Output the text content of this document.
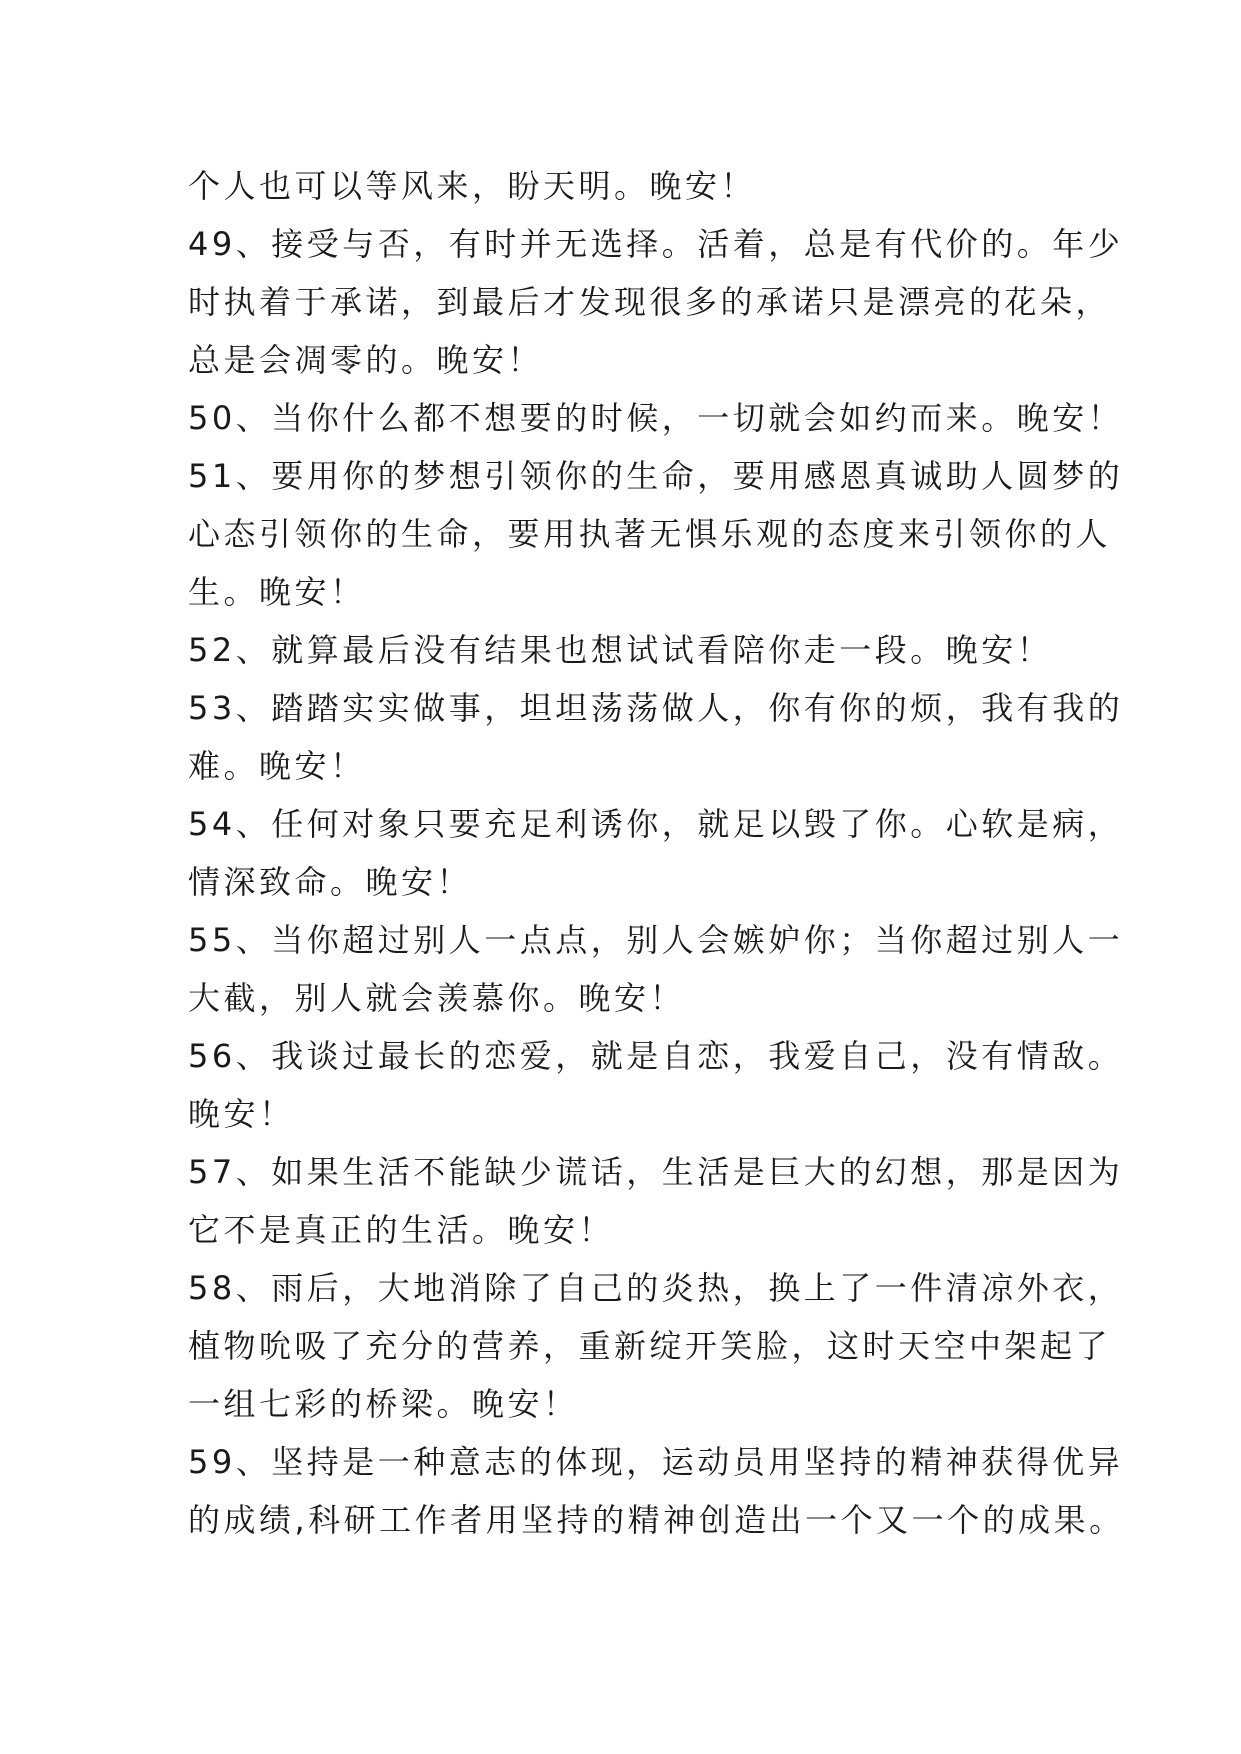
个人也可以等风来，盼天明。晚安！
49、接受与否，有时并无选择。活着，总是有代价的。年少
时执着于承诺，到最后才发现很多的承诺只是漂亮的花朵，
总是会凋零的。晚安！
50、当你什么都不想要的时候，一切就会如约而来。晚安！
51、要用你的梦想引领你的生命，要用感恩真诚助人圆梦的
心态引领你的生命，要用执著无惧乐观的态度来引领你的人
生。晚安！
52、就算最后没有结果也想试试看陪你走一段。晚安！
53、踏踏实实做事，坦坦荡荡做人，你有你的烦，我有我的
难。晚安！
54、任何对象只要充足利诱你，就足以毁了你。心软是病，
情深致命。晚安！
55、当你超过别人一点点，别人会嫉妒你；当你超过别人一
大截，别人就会羡慕你。晚安！
56、我谈过最长的恋爱，就是自恋，我爱自己，没有情敌。
晚安！
57、如果生活不能缺少谎话，生活是巨大的幻想，那是因为
它不是真正的生活。晚安！
58、雨后，大地消除了自己的炎热，换上了一件清凉外衣，
植物吮吸了充分的营养，重新绽开笑脸，这时天空中架起了
一组七彩的桥梁。晚安！
59、坚持是一种意志的体现，运动员用坚持的精神获得优异
的成绩,科研工作者用坚持的精神创造出一个又一个的成果。
